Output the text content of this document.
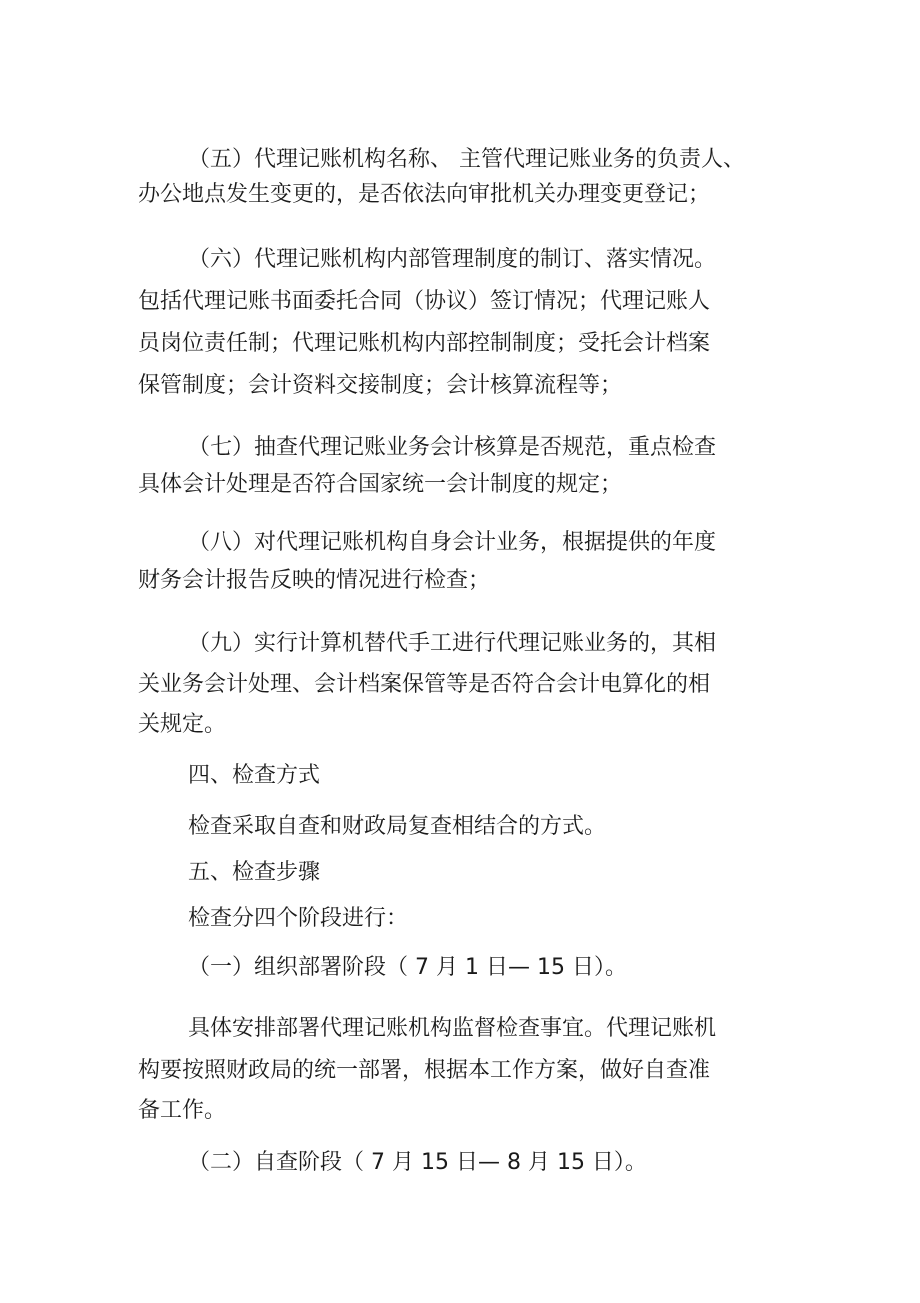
（五）代理记账机构名称、 主管代理记账业务的负责人、
办公地点发生变更的，是否依法向审批机关办理变更登记；
（六）代理记账机构内部管理制度的制订、落实情况。
包括代理记账书面委托合同（协议）签订情况；代理记账人
员岗位责任制；代理记账机构内部控制制度；受托会计档案
保管制度；会计资料交接制度；会计核算流程等；
（七）抽查代理记账业务会计核算是否规范，重点检查
具体会计处理是否符合国家统一会计制度的规定；
（八）对代理记账机构自身会计业务，根据提供的年度
财务会计报告反映的情况进行检查；
（九）实行计算机替代手工进行代理记账业务的，其相
关业务会计处理、会计档案保管等是否符合会计电算化的相
关规定。
四、检查方式
检查采取自查和财政局复查相结合的方式。
五、检查步骤
检查分四个阶段进行：
（一）组织部署阶段（ 7 月 1 日— 15 日）。
具体安排部署代理记账机构监督检查事宜。代理记账机
构要按照财政局的统一部署，根据本工作方案，做好自查准
备工作。
（二）自查阶段（ 7 月 15 日— 8 月 15 日）。
